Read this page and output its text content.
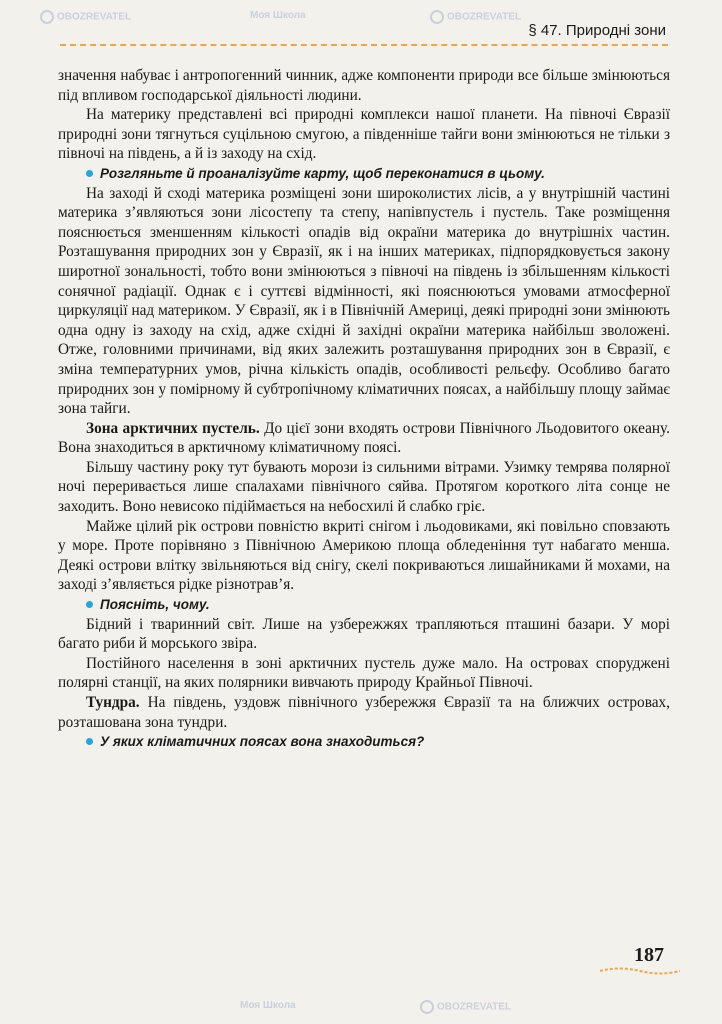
§ 47. Природні зони
OBOZREVATEL	Моя Школа	OBOZREVATEL
Моя Школа	OBOZREVATEL

значення набуває і антропогенний чинник, адже компоненти природи все більше змінюються під впливом господарської діяльності людини.

На материку представлені всі природні комплекси нашої планети. На півночі Євразії природні зони тягнуться суцільною смугою, а південніше тайги вони змінюються не тільки з півночі на південь, а й із заходу на схід.

Розгляньте й проаналізуйте карту, щоб переконатися в цьому.

На заході й сході материка розміщені зони широколистих лісів, а у внутрішній частині материка з’являються зони лісостепу та степу, напівпустель і пустель. Таке розміщення пояснюється зменшенням кількості опадів від окраїни материка до внутрішніх частин. Розташування природних зон у Євразії, як і на інших материках, підпорядковується закону широтної зональності, тобто вони змінюються з півночі на південь із збільшенням кількості сонячної радіації. Однак є і суттєві відмінності, які пояснюються умовами атмосферної циркуляції над материком. У Євразії, як і в Північній Америці, деякі природні зони змінюють одна одну із заходу на схід, адже східні й західні окраїни материка найбільш зволожені. Отже, головними причинами, від яких залежить розташування природних зон в Євразії, є зміна температурних умов, річна кількість опадів, особливості рельєфу. Особливо багато природних зон у помірному й субтропічному кліматичних поясах, а найбільшу площу займає зона тайги.

Зона арктичних пустель. До цієї зони входять острови Північного Льодовитого океану. Вона знаходиться в арктичному кліматичному поясі.

Більшу частину року тут бувають морози із сильними вітрами. Узимку темрява полярної ночі переривається лише спалахами північного сяйва. Протягом короткого літа сонце не заходить. Воно невисоко підіймається на небосхилі й слабко гріє.

Майже цілий рік острови повністю вкриті снігом і льодовиками, які повільно сповзають у море. Проте порівняно з Північною Америкою площа обледеніння тут набагато менша. Деякі острови влітку звільняються від снігу, скелі покриваються лишайниками й мохами, на заході з’являється рідке різнотрав’я.

Поясніть, чому.

Бідний і тваринний світ. Лише на узбережжях трапляються пташині базари. У морі багато риби й морського звіра.

Постійного населення в зоні арктичних пустель дуже мало. На островах споруджені полярні станції, на яких полярники вивчають природу Крайньої Півночі.

Тундра. На південь, уздовж північного узбережжя Євразії та на ближчих островах, розташована зона тундри.

У яких кліматичних поясах вона знаходиться?
187
